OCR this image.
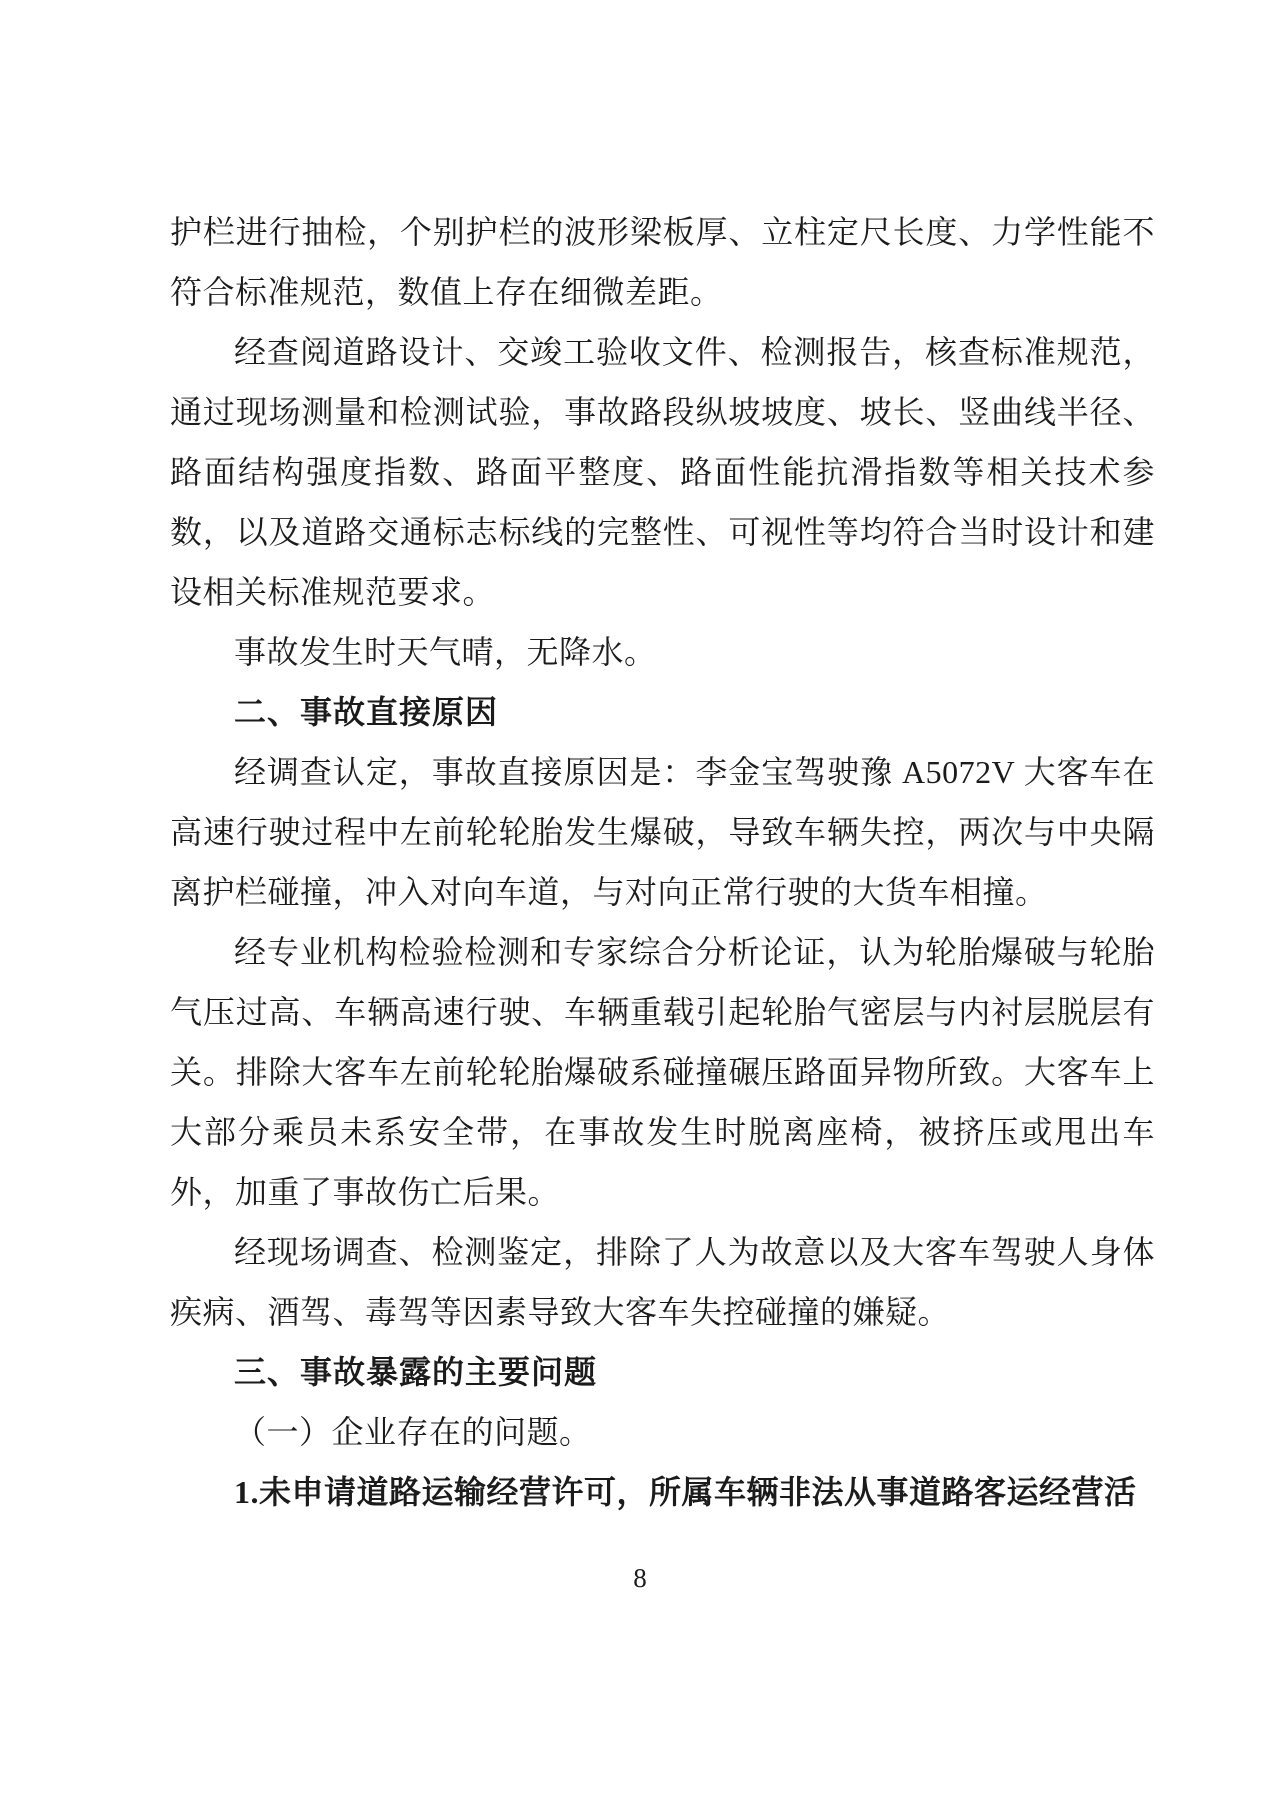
护栏进行抽检，个别护栏的波形梁板厚、立柱定尺长度、力学性能不符合标准规范，数值上存在细微差距。

经查阅道路设计、交竣工验收文件、检测报告，核查标准规范，通过现场测量和检测试验，事故路段纵坡坡度、坡长、竖曲线半径、路面结构强度指数、路面平整度、路面性能抗滑指数等相关技术参数，以及道路交通标志标线的完整性、可视性等均符合当时设计和建设相关标准规范要求。

事故发生时天气晴，无降水。

二、事故直接原因

经调查认定，事故直接原因是：李金宝驾驶豫 A5072V 大客车在高速行驶过程中左前轮轮胎发生爆破，导致车辆失控，两次与中央隔离护栏碰撞，冲入对向车道，与对向正常行驶的大货车相撞。

经专业机构检验检测和专家综合分析论证，认为轮胎爆破与轮胎气压过高、车辆高速行驶、车辆重载引起轮胎气密层与内衬层脱层有关。排除大客车左前轮轮胎爆破系碰撞碾压路面异物所致。大客车上大部分乘员未系安全带，在事故发生时脱离座椅，被挤压或甩出车外，加重了事故伤亡后果。

经现场调查、检测鉴定，排除了人为故意以及大客车驾驶人身体疾病、酒驾、毒驾等因素导致大客车失控碰撞的嫌疑。

三、事故暴露的主要问题

（一）企业存在的问题。

1.未申请道路运输经营许可，所属车辆非法从事道路客运经营活

8
